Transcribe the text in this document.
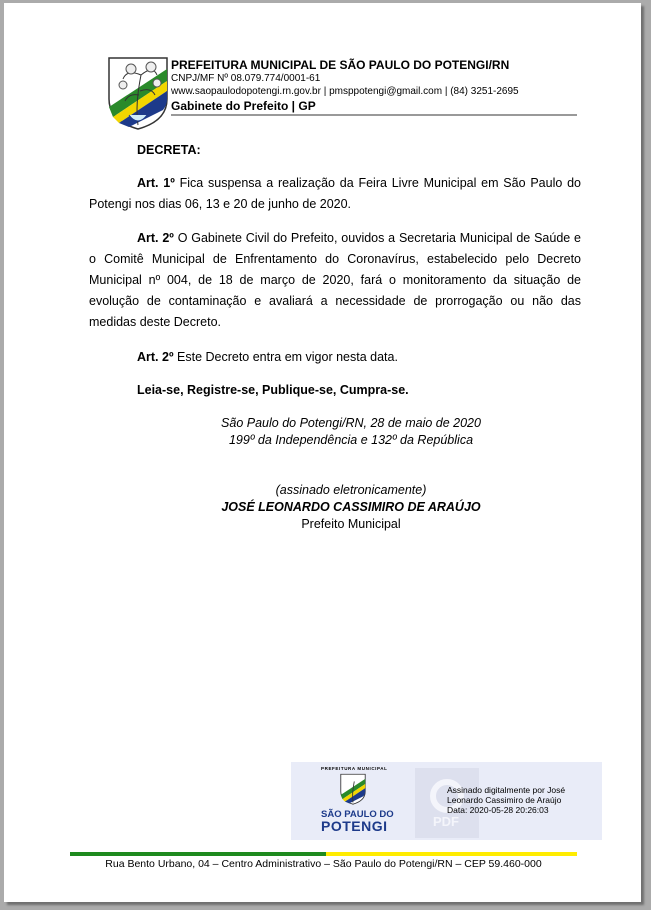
PREFEITURA MUNICIPAL DE SÃO PAULO DO POTENGI/RN
CNPJ/MF Nº 08.079.774/0001-61
www.saopaulodopotengi.rn.gov.br | pmsppotengi@gmail.com | (84) 3251-2695
Gabinete do Prefeito | GP
DECRETA:
Art. 1º Fica suspensa a realização da Feira Livre Municipal em São Paulo do Potengi nos dias 06, 13 e 20 de junho de 2020.
Art. 2º O Gabinete Civil do Prefeito, ouvidos a Secretaria Municipal de Saúde e o Comitê Municipal de Enfrentamento do Coronavírus, estabelecido pelo Decreto Municipal nº 004, de 18 de março de 2020, fará o monitoramento da situação de evolução de contaminação e avaliará a necessidade de prorrogação ou não das medidas deste Decreto.
Art. 2º Este Decreto entra em vigor nesta data.
Leia-se, Registre-se, Publique-se, Cumpra-se.
São Paulo do Potengi/RN, 28 de maio de 2020
199º da Independência e 132º da República
(assinado eletronicamente)
JOSÉ LEONARDO CASSIMIRO DE ARAÚJO
Prefeito Municipal
PREFEITURA MUNICIPAL
SÃO PAULO DO
POTENGI	PDF
Assinado digitalmente por José
Leonardo Cassimiro de Araújo
Data: 2020-05-28 20:26:03
Rua Bento Urbano, 04 – Centro Administrativo – São Paulo do Potengi/RN – CEP 59.460-000
